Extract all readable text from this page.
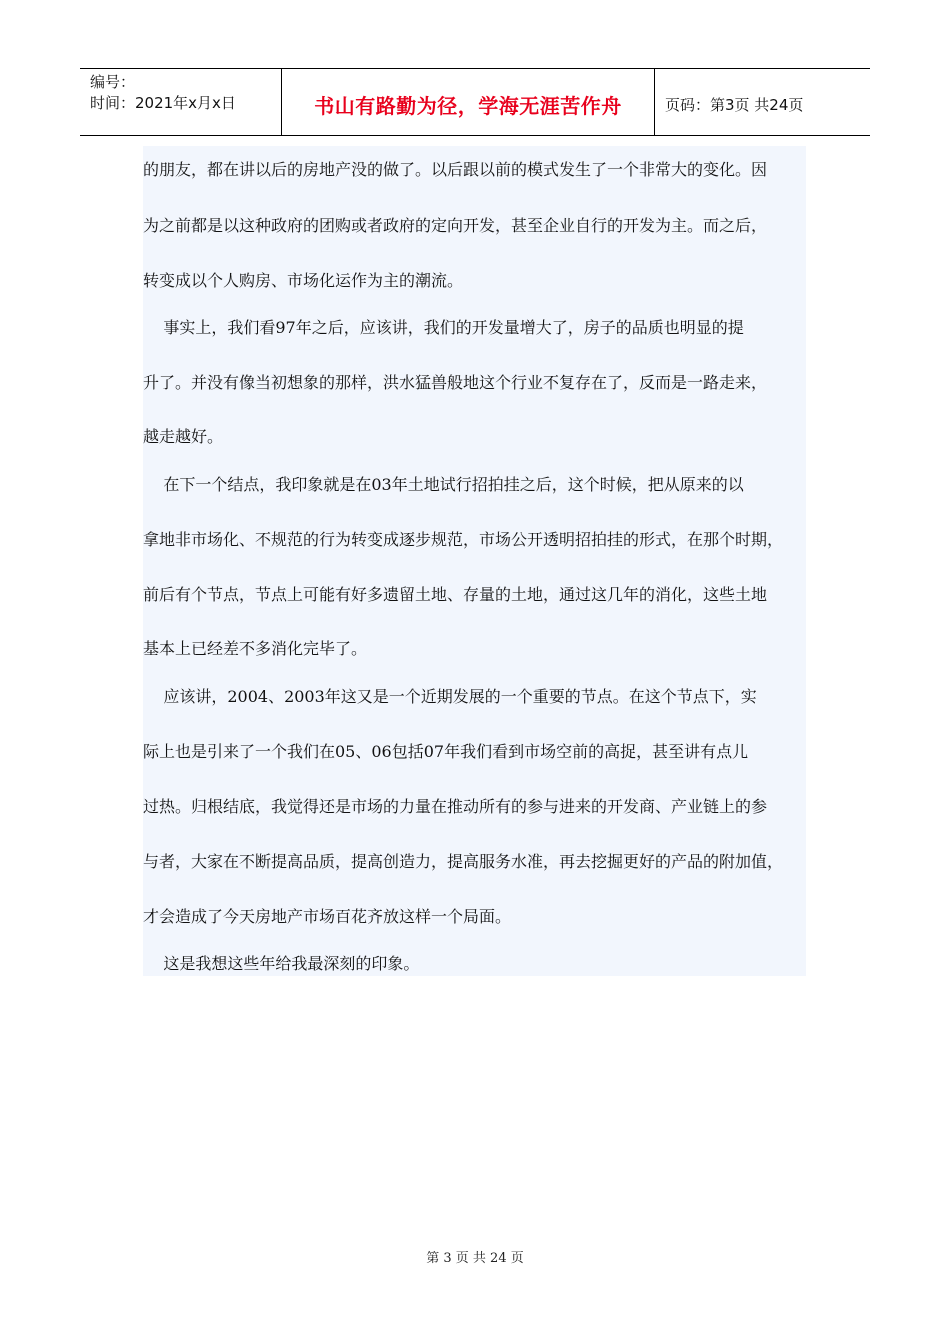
编号：
时间：2021年x月x日	书山有路勤为径，学海无涯苦作舟	页码：第3页 共24页
的朋友，都在讲以后的房地产没的做了。以后跟以前的模式发生了一个非常大的变化。因
为之前都是以这种政府的团购或者政府的定向开发，甚至企业自行的开发为主。而之后，
转变成以个人购房、市场化运作为主的潮流。
事实上，我们看97年之后，应该讲，我们的开发量增大了，房子的品质也明显的提
升了。并没有像当初想象的那样，洪水猛兽般地这个行业不复存在了，反而是一路走来，
越走越好。
在下一个结点，我印象就是在03年土地试行招拍挂之后，这个时候，把从原来的以
拿地非市场化、不规范的行为转变成逐步规范，市场公开透明招拍挂的形式，在那个时期，
前后有个节点，节点上可能有好多遗留土地、存量的土地，通过这几年的消化，这些土地
基本上已经差不多消化完毕了。
应该讲，2004、2003年这又是一个近期发展的一个重要的节点。在这个节点下，实
际上也是引来了一个我们在05、06包括07年我们看到市场空前的高捉，甚至讲有点儿
过热。归根结底，我觉得还是市场的力量在推动所有的参与进来的开发商、产业链上的参
与者，大家在不断提高品质，提高创造力，提高服务水准，再去挖掘更好的产品的附加值，
才会造成了今天房地产市场百花齐放这样一个局面。
这是我想这些年给我最深刻的印象。
第 3 页 共 24 页
